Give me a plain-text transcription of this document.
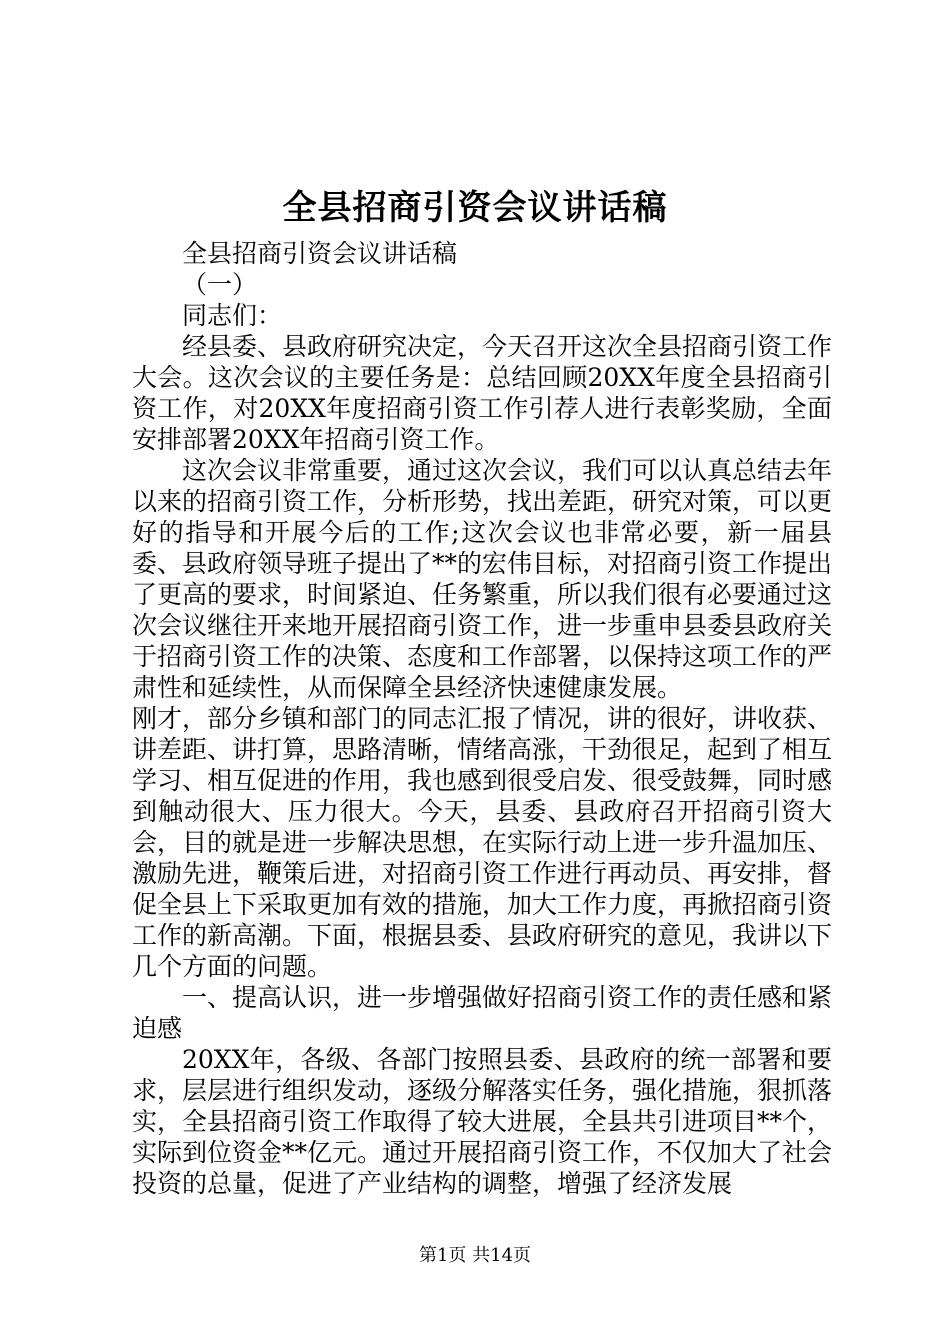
全县招商引资会议讲话稿

全县招商引资会议讲话稿

（一）

同志们：

经县委、县政府研究决定，今天召开这次全县招商引资工作大会。这次会议的主要任务是：总结回顾20XX年度全县招商引资工作，对20XX年度招商引资工作引荐人进行表彰奖励，全面安排部署20XX年招商引资工作。

这次会议非常重要，通过这次会议，我们可以认真总结去年以来的招商引资工作，分析形势，找出差距，研究对策，可以更好的指导和开展今后的工作;这次会议也非常必要，新一届县委、县政府领导班子提出了**的宏伟目标，对招商引资工作提出了更高的要求，时间紧迫、任务繁重，所以我们很有必要通过这次会议继往开来地开展招商引资工作，进一步重申县委县政府关于招商引资工作的决策、态度和工作部署，以保持这项工作的严肃性和延续性，从而保障全县经济快速健康发展。

刚才，部分乡镇和部门的同志汇报了情况，讲的很好，讲收获、讲差距、讲打算，思路清晰，情绪高涨，干劲很足，起到了相互学习、相互促进的作用，我也感到很受启发、很受鼓舞，同时感到触动很大、压力很大。今天，县委、县政府召开招商引资大会，目的就是进一步解决思想，在实际行动上进一步升温加压、激励先进，鞭策后进，对招商引资工作进行再动员、再安排，督促全县上下采取更加有效的措施，加大工作力度，再掀招商引资工作的新高潮。下面，根据县委、县政府研究的意见，我讲以下几个方面的问题。

一、提高认识，进一步增强做好招商引资工作的责任感和紧迫感

20XX年，各级、各部门按照县委、县政府的统一部署和要求，层层进行组织发动，逐级分解落实任务，强化措施，狠抓落实，全县招商引资工作取得了较大进展，全县共引进项目**个，实际到位资金**亿元。通过开展招商引资工作，不仅加大了社会投资的总量，促进了产业结构的调整，增强了经济发展

第1页 共14页
